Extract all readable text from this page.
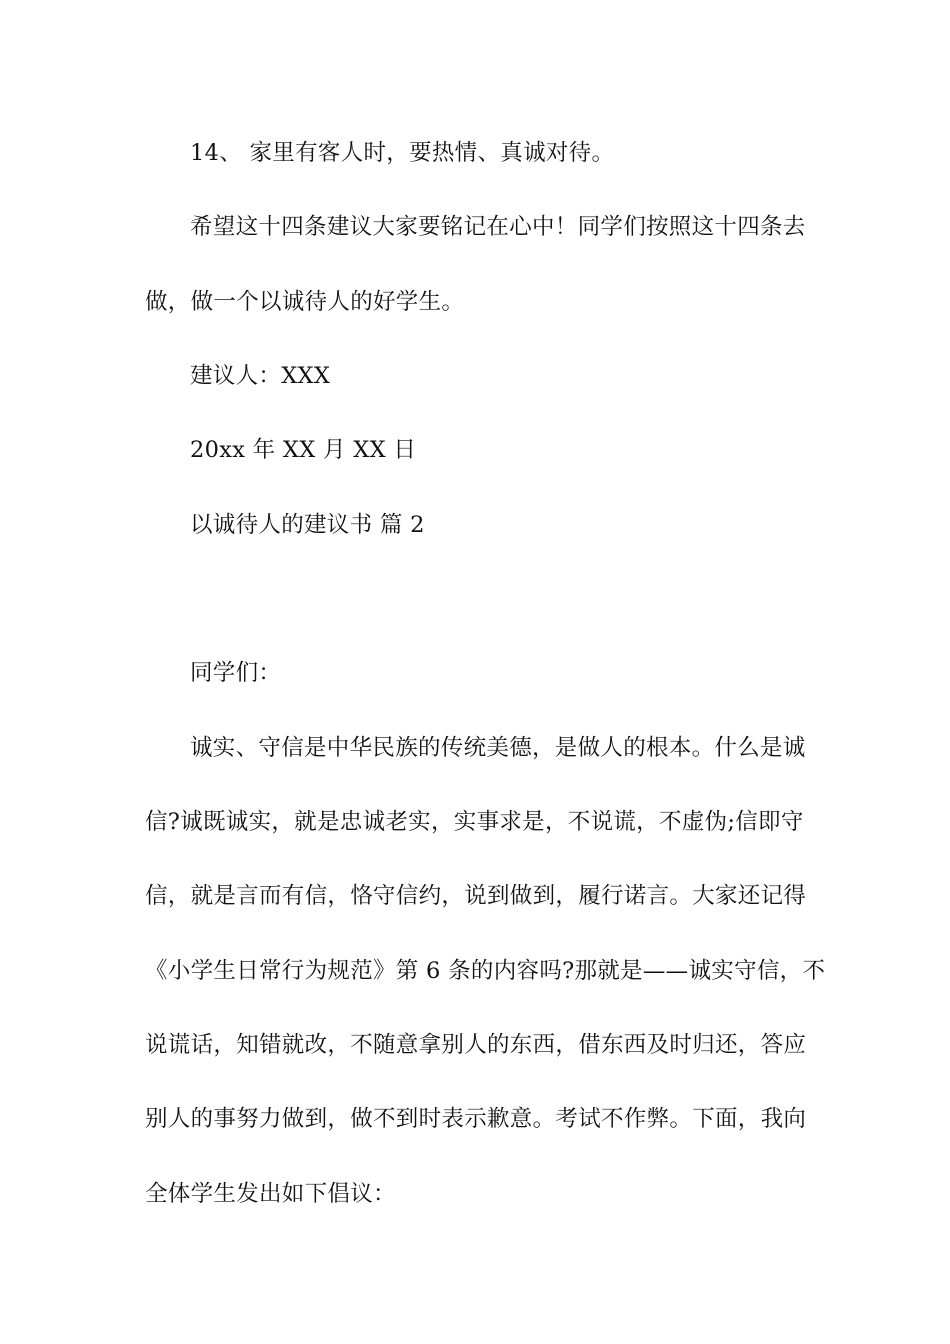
14、 家里有客人时，要热情、真诚对待。
希望这十四条建议大家要铭记在心中！同学们按照这十四条去
做，做一个以诚待人的好学生。
建议人：XXX
20xx 年 XX 月 XX 日
以诚待人的建议书 篇 2
同学们：
诚实、守信是中华民族的传统美德，是做人的根本。什么是诚
信?诚既诚实，就是忠诚老实，实事求是，不说谎，不虚伪;信即守
信，就是言而有信，恪守信约，说到做到，履行诺言。大家还记得
《小学生日常行为规范》第 6 条的内容吗?那就是——诚实守信，不
说谎话，知错就改，不随意拿别人的东西，借东西及时归还，答应
别人的事努力做到，做不到时表示歉意。考试不作弊。下面，我向
全体学生发出如下倡议：
